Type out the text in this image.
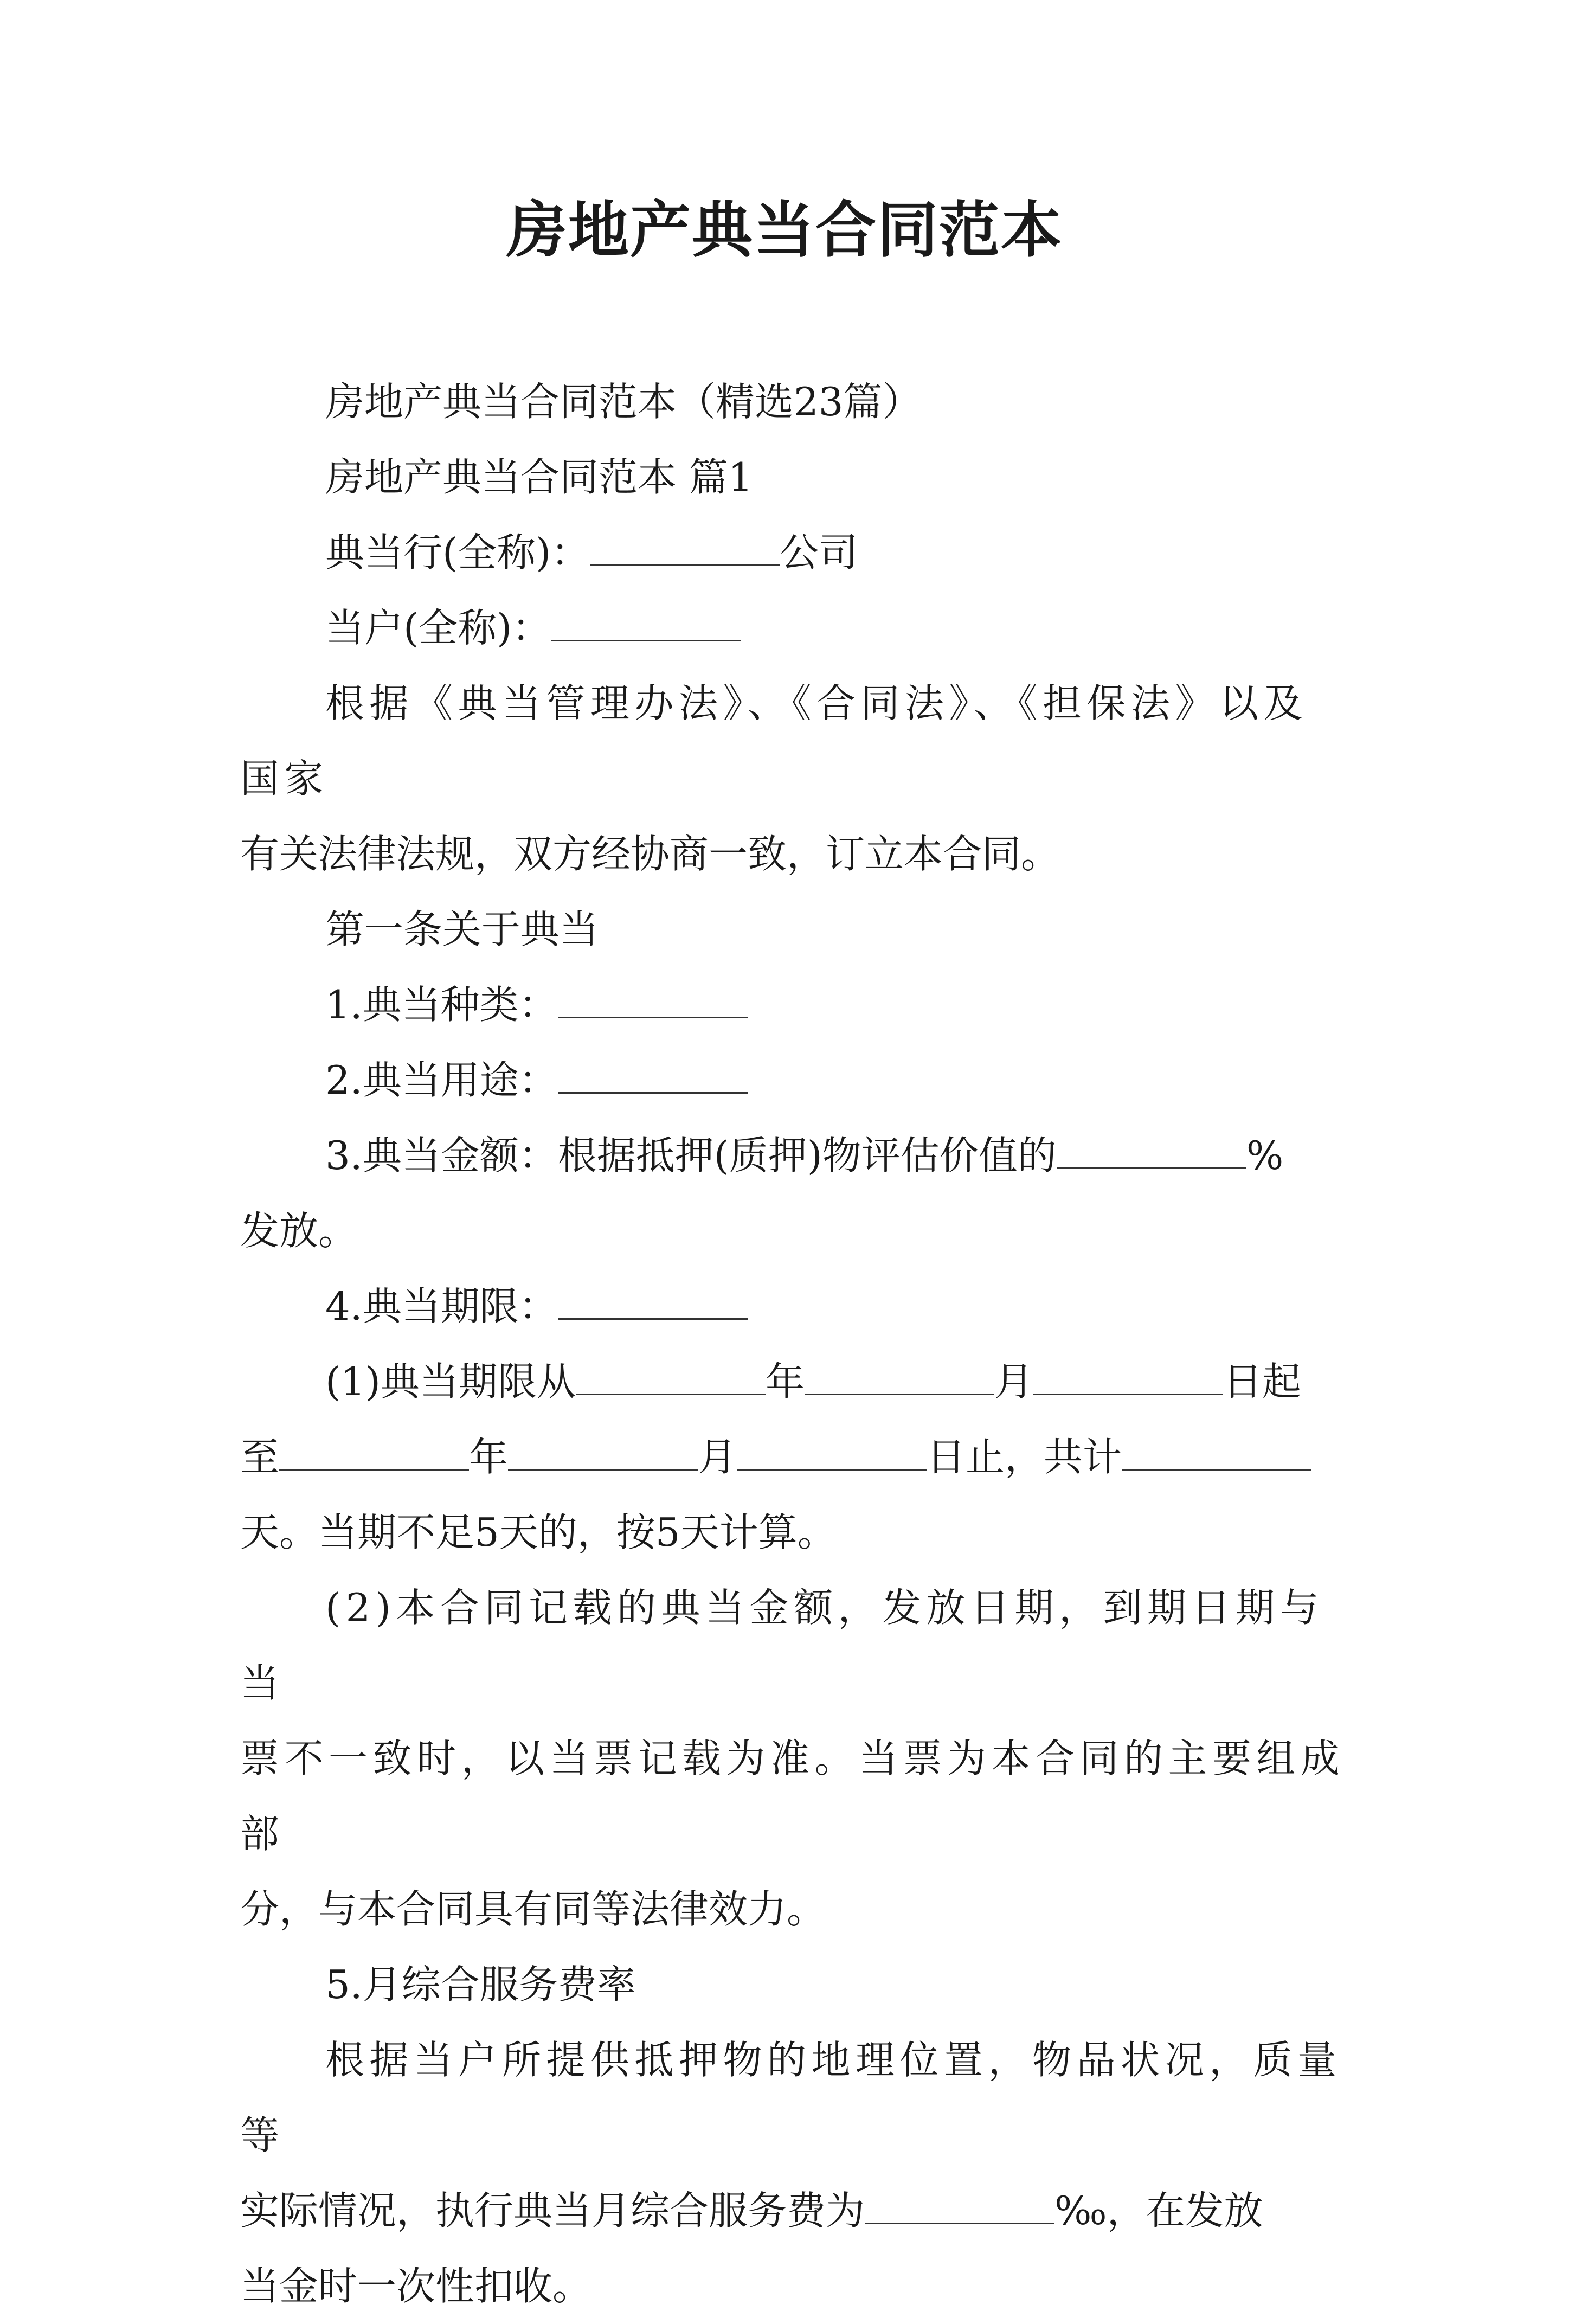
房地产典当合同范本

房地产典当合同范本（精选23篇）

房地产典当合同范本 篇1

典当行(全称)：	公司

当户(全称)：

根据《典当管理办法》、《合同法》、《担保法》以及国家
有关法律法规，双方经协商一致，订立本合同。

第一条关于典当

1.典当种类：

2.典当用途：

3.典当金额：根据抵押(质押)物评估价值的	%
发放。

4.典当期限：

(1)典当期限从	年	月	日起
至	年	月	日止，共计
天。当期不足5天的，按5天计算。

(2)本合同记载的典当金额，发放日期，到期日期与当
票不一致时，以当票记载为准。当票为本合同的主要组成部
分，与本合同具有同等法律效力。

5.月综合服务费率

根据当户所提供抵押物的地理位置，物品状况，质量等
实际情况，执行典当月综合服务费为	‰，在发放
当金时一次性扣收。
